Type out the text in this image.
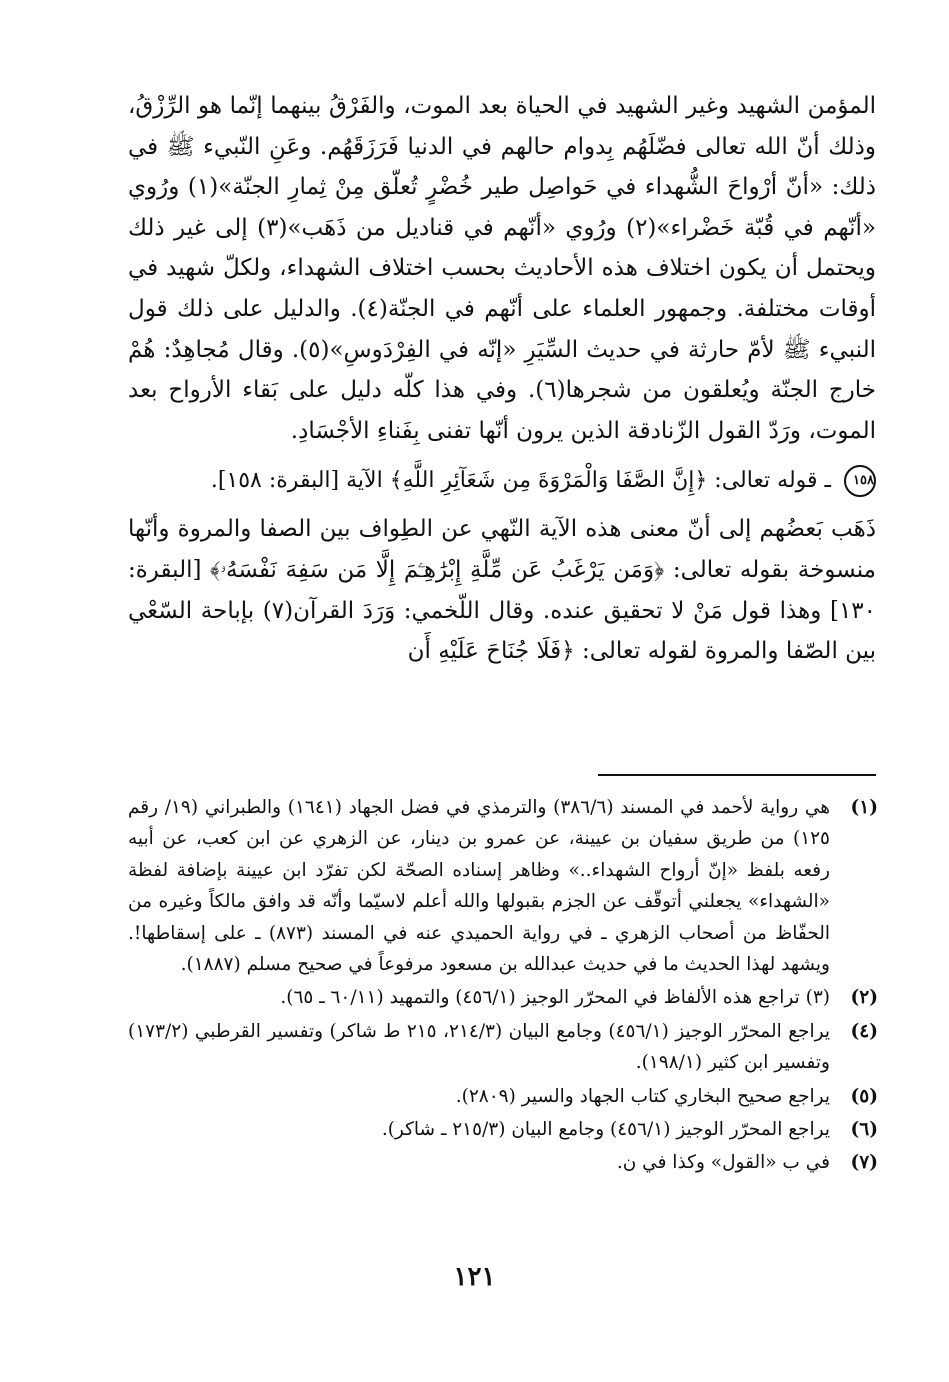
المؤمن الشهيد وغير الشهيد في الحياة بعد الموت، والفَرْقُ بينهما إنّما هو الرِّزْقُ، وذلك أنّ الله تعالى فضّلَهُم بِدوام حالهم في الدنيا فَرَزَقَهُم. وعَنِ النّبيء ﷺ في ذلك: «أنّ أرْواحَ الشُّهداء في حَواصِل طير خُضْرٍ تُعلّق مِنْ ثِمارِ الجنّة»(١) ورُوي «أنّهم في قُبّة خَضْراء»(٢) ورُوي «أنّهم في قناديل من ذَهَب»(٣) إلى غير ذلك ويحتمل أن يكون اختلاف هذه الأحاديث بحسب اختلاف الشهداء، ولكلّ شهيد في أوقات مختلفة. وجمهور العلماء على أنّهم في الجنّة(٤). والدليل على ذلك قول النبيء ﷺ لأمّ حارثة في حديث السِّيَرِ «إنّه في الفِرْدَوسِ»(٥). وقال مُجاهِدٌ: هُمْ خارج الجنّة ويُعلقون من شجرها(٦). وفي هذا كلّه دليل على بَقاء الأرواح بعد الموت، ورَدّ القول الزّنادقة الذين يرون أنّها تفنى بِفَناءِ الأجْسَادِ.

١٥٨ ـ قوله تعالى: ﴿إِنَّ الصَّفَا وَالْمَرْوَةَ مِن شَعَآئِرِ اللَّهِ﴾ الآية [البقرة: ١٥٨].

ذَهَب بَعضُهم إلى أنّ معنى هذه الآية النّهي عن الطِواف بين الصفا والمروة وأنّها منسوخة بقوله تعالى: ﴿وَمَن يَرْغَبُ عَن مِّلَّةِ إِبْرَٰهِـۧمَ إِلَّا مَن سَفِهَ نَفْسَهُۥ﴾ [البقرة: ١٣٠] وهذا قول مَنْ لا تحقيق عنده. وقال اللّخمي: وَرَدَ القرآن(٧) بإباحة السّعْي بين الصّفا والمروة لقوله تعالى: ﴿فَلَا جُنَاحَ عَلَيْهِ أَن

(١)
هي رواية لأحمد في المسند (٣٨٦/٦) والترمذي في فضل الجهاد (١٦٤١) والطبراني (١٩/ رقم ١٢٥) من طريق سفيان بن عيينة، عن عمرو بن دينار، عن الزهري عن ابن كعب، عن أبيه رفعه بلفظ «إنّ أرواح الشهداء..» وظاهر إسناده الصحّة لكن تفرّد ابن عيينة بإضافة لفظة «الشهداء» يجعلني أتوقّف عن الجزم بقبولها والله أعلم لاسيّما وأنّه قد وافق مالكاً وغيره من الحفّاظ من أصحاب الزهري ـ في رواية الحميدي عنه في المسند (٨٧٣) ـ على إسقاطها!. ويشهد لهذا الحديث ما في حديث عبدالله بن مسعود مرفوعاً في صحيح مسلم (١٨٨٧).
(٢)
(٣) تراجع هذه الألفاظ في المحرّر الوجيز (٤٥٦/١) والتمهيد (٦٠/١١ ـ ٦٥).
(٤)
يراجع المحرّر الوجيز (٤٥٦/١) وجامع البيان (٢١٤/٣، ٢١٥ ط شاكر) وتفسير القرطبي (١٧٣/٢) وتفسير ابن كثير (١٩٨/١).
(٥)
يراجع صحيح البخاري كتاب الجهاد والسير (٢٨٠٩).
(٦)
يراجع المحرّر الوجيز (٤٥٦/١) وجامع البيان (٢١٥/٣ ـ شاكر).
(٧)
في ب «القول» وكذا في ن.
١٢١
